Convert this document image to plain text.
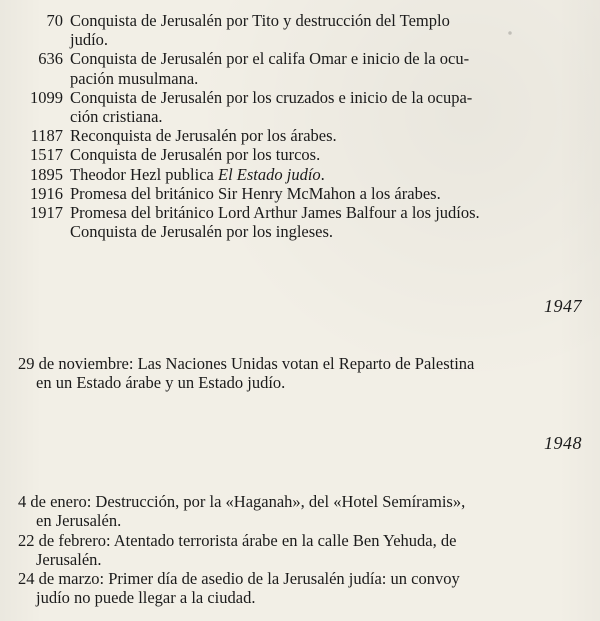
70 Conquista de Jerusalén por Tito y destrucción del Templo
judío.
636 Conquista de Jerusalén por el califa Omar e inicio de la ocu-
pación musulmana.
1099 Conquista de Jerusalén por los cruzados e inicio de la ocupa-
ción cristiana.
1187 Reconquista de Jerusalén por los árabes.
1517 Conquista de Jerusalén por los turcos.
1895 Theodor Hezl publica El Estado judío.
1916 Promesa del británico Sir Henry McMahon a los árabes.
1917 Promesa del británico Lord Arthur James Balfour a los judíos.
Conquista de Jerusalén por los ingleses.
1947
29 de noviembre: Las Naciones Unidas votan el Reparto de Palestina
en un Estado árabe y un Estado judío.
1948
4 de enero: Destrucción, por la «Haganah», del «Hotel Semíramis»,
en Jerusalén.
22 de febrero: Atentado terrorista árabe en la calle Ben Yehuda, de
Jerusalén.
24 de marzo: Primer día de asedio de la Jerusalén judía: un convoy
judío no puede llegar a la ciudad.
